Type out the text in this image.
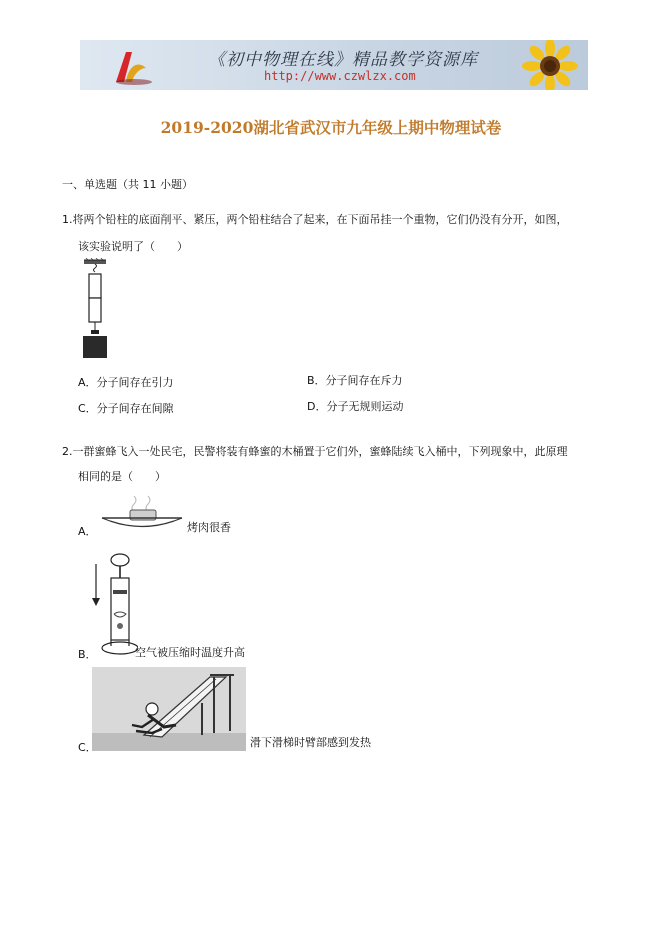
《初中物理在线》精品教学资源库
http://www.czwlzx.com
2019-2020湖北省武汉市九年级上期中物理试卷
一、单选题（共 11 小题）
1.将两个铅柱的底面削平、紧压，两个铅柱结合了起来，在下面吊挂一个重物，它们仍没有分开，如图，
该实验说明了（　　）
A．分子间存在引力	B．分子间存在斥力
C．分子间存在间隙	D．分子无规则运动
2.一群蜜蜂飞入一处民宅，民警将装有蜂蜜的木桶置于它们外，蜜蜂陆续飞入桶中，下列现象中，此原理
相同的是（　　）
A．	烤肉很香
B．	空气被压缩时温度升高
C．	滑下滑梯时臂部感到发热
